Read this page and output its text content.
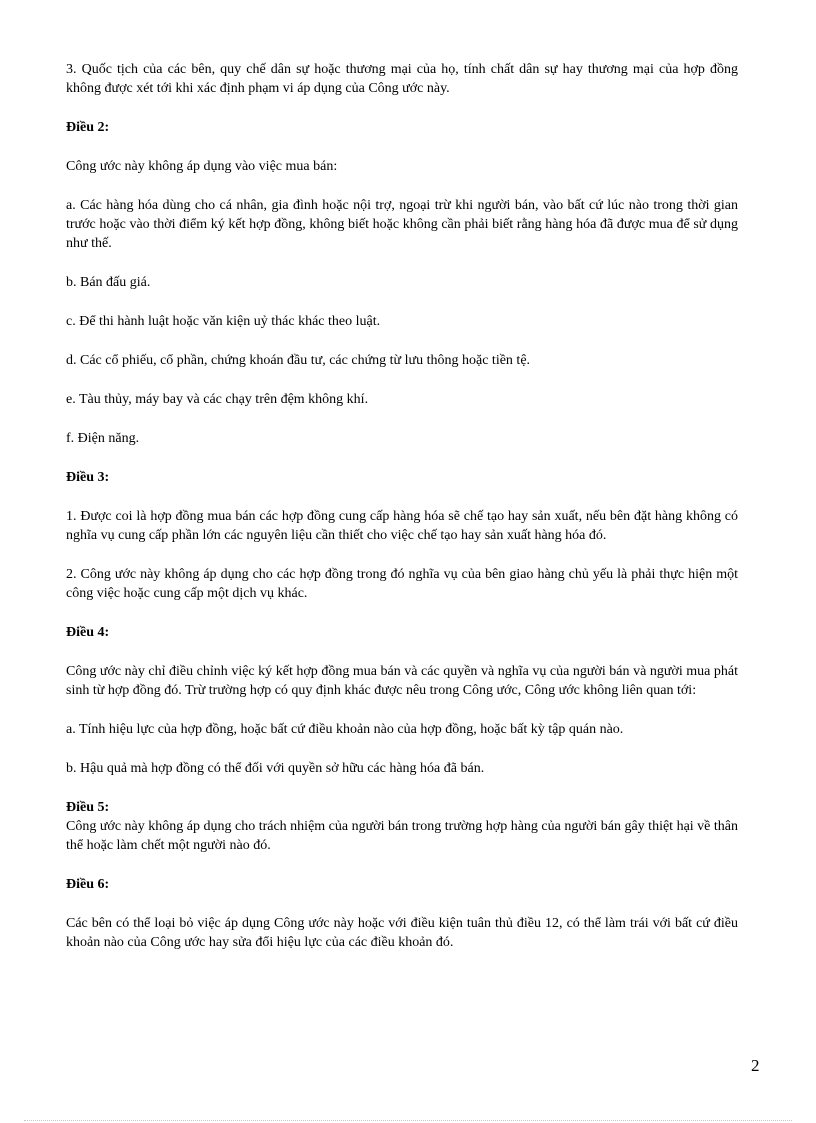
3. Quốc tịch của các bên, quy chế dân sự hoặc thương mại của họ, tính chất dân sự hay thương mại của hợp đồng không được xét tới khi xác định phạm vi áp dụng của Công ước này.

Điều 2:

Công ước này không áp dụng vào việc mua bán:

a. Các hàng hóa dùng cho cá nhân, gia đình hoặc nội trợ, ngoại trừ khi người bán, vào bất cứ lúc nào trong thời gian trước hoặc vào thời điểm ký kết hợp đồng, không biết hoặc không cần phải biết rằng hàng hóa đã được mua để sử dụng như thế.

b. Bán đấu giá.

c. Để thi hành luật hoặc văn kiện uỷ thác khác theo luật.

d. Các cổ phiếu, cổ phần, chứng khoán đầu tư, các chứng từ lưu thông hoặc tiền tệ.

e. Tàu thủy, máy bay và các chạy trên đệm không khí.

f. Điện năng.

Điều 3:

1. Được coi là hợp đồng mua bán các hợp đồng cung cấp hàng hóa sẽ chế tạo hay sản xuất, nếu bên đặt hàng không có nghĩa vụ cung cấp phần lớn các nguyên liệu cần thiết cho việc chế tạo hay sản xuất hàng hóa đó.

2. Công ước này không áp dụng cho các hợp đồng trong đó nghĩa vụ của bên giao hàng chủ yếu là phải thực hiện một công việc hoặc cung cấp một dịch vụ khác.

Điều 4:

Công ước này chỉ điều chỉnh việc ký kết hợp đồng mua bán và các quyền và nghĩa vụ của người bán và người mua phát sinh từ hợp đồng đó. Trừ trường hợp có quy định khác được nêu trong Công ước, Công ước không liên quan tới:

a. Tính hiệu lực của hợp đồng, hoặc bất cứ điều khoản nào của hợp đồng, hoặc bất kỳ tập quán nào.

b. Hậu quả mà hợp đồng có thể đối với quyền sở hữu các hàng hóa đã bán.

Điều 5:

Công ước này không áp dụng cho trách nhiệm của người bán trong trường hợp hàng của người bán gây thiệt hại về thân thể hoặc làm chết một người nào đó.

Điều 6:

Các bên có thể loại bỏ việc áp dụng Công ước này hoặc với điều kiện tuân thủ điều 12, có thể làm trái với bất cứ điều khoản nào của Công ước hay sửa đổi hiệu lực của các điều khoản đó.

2
